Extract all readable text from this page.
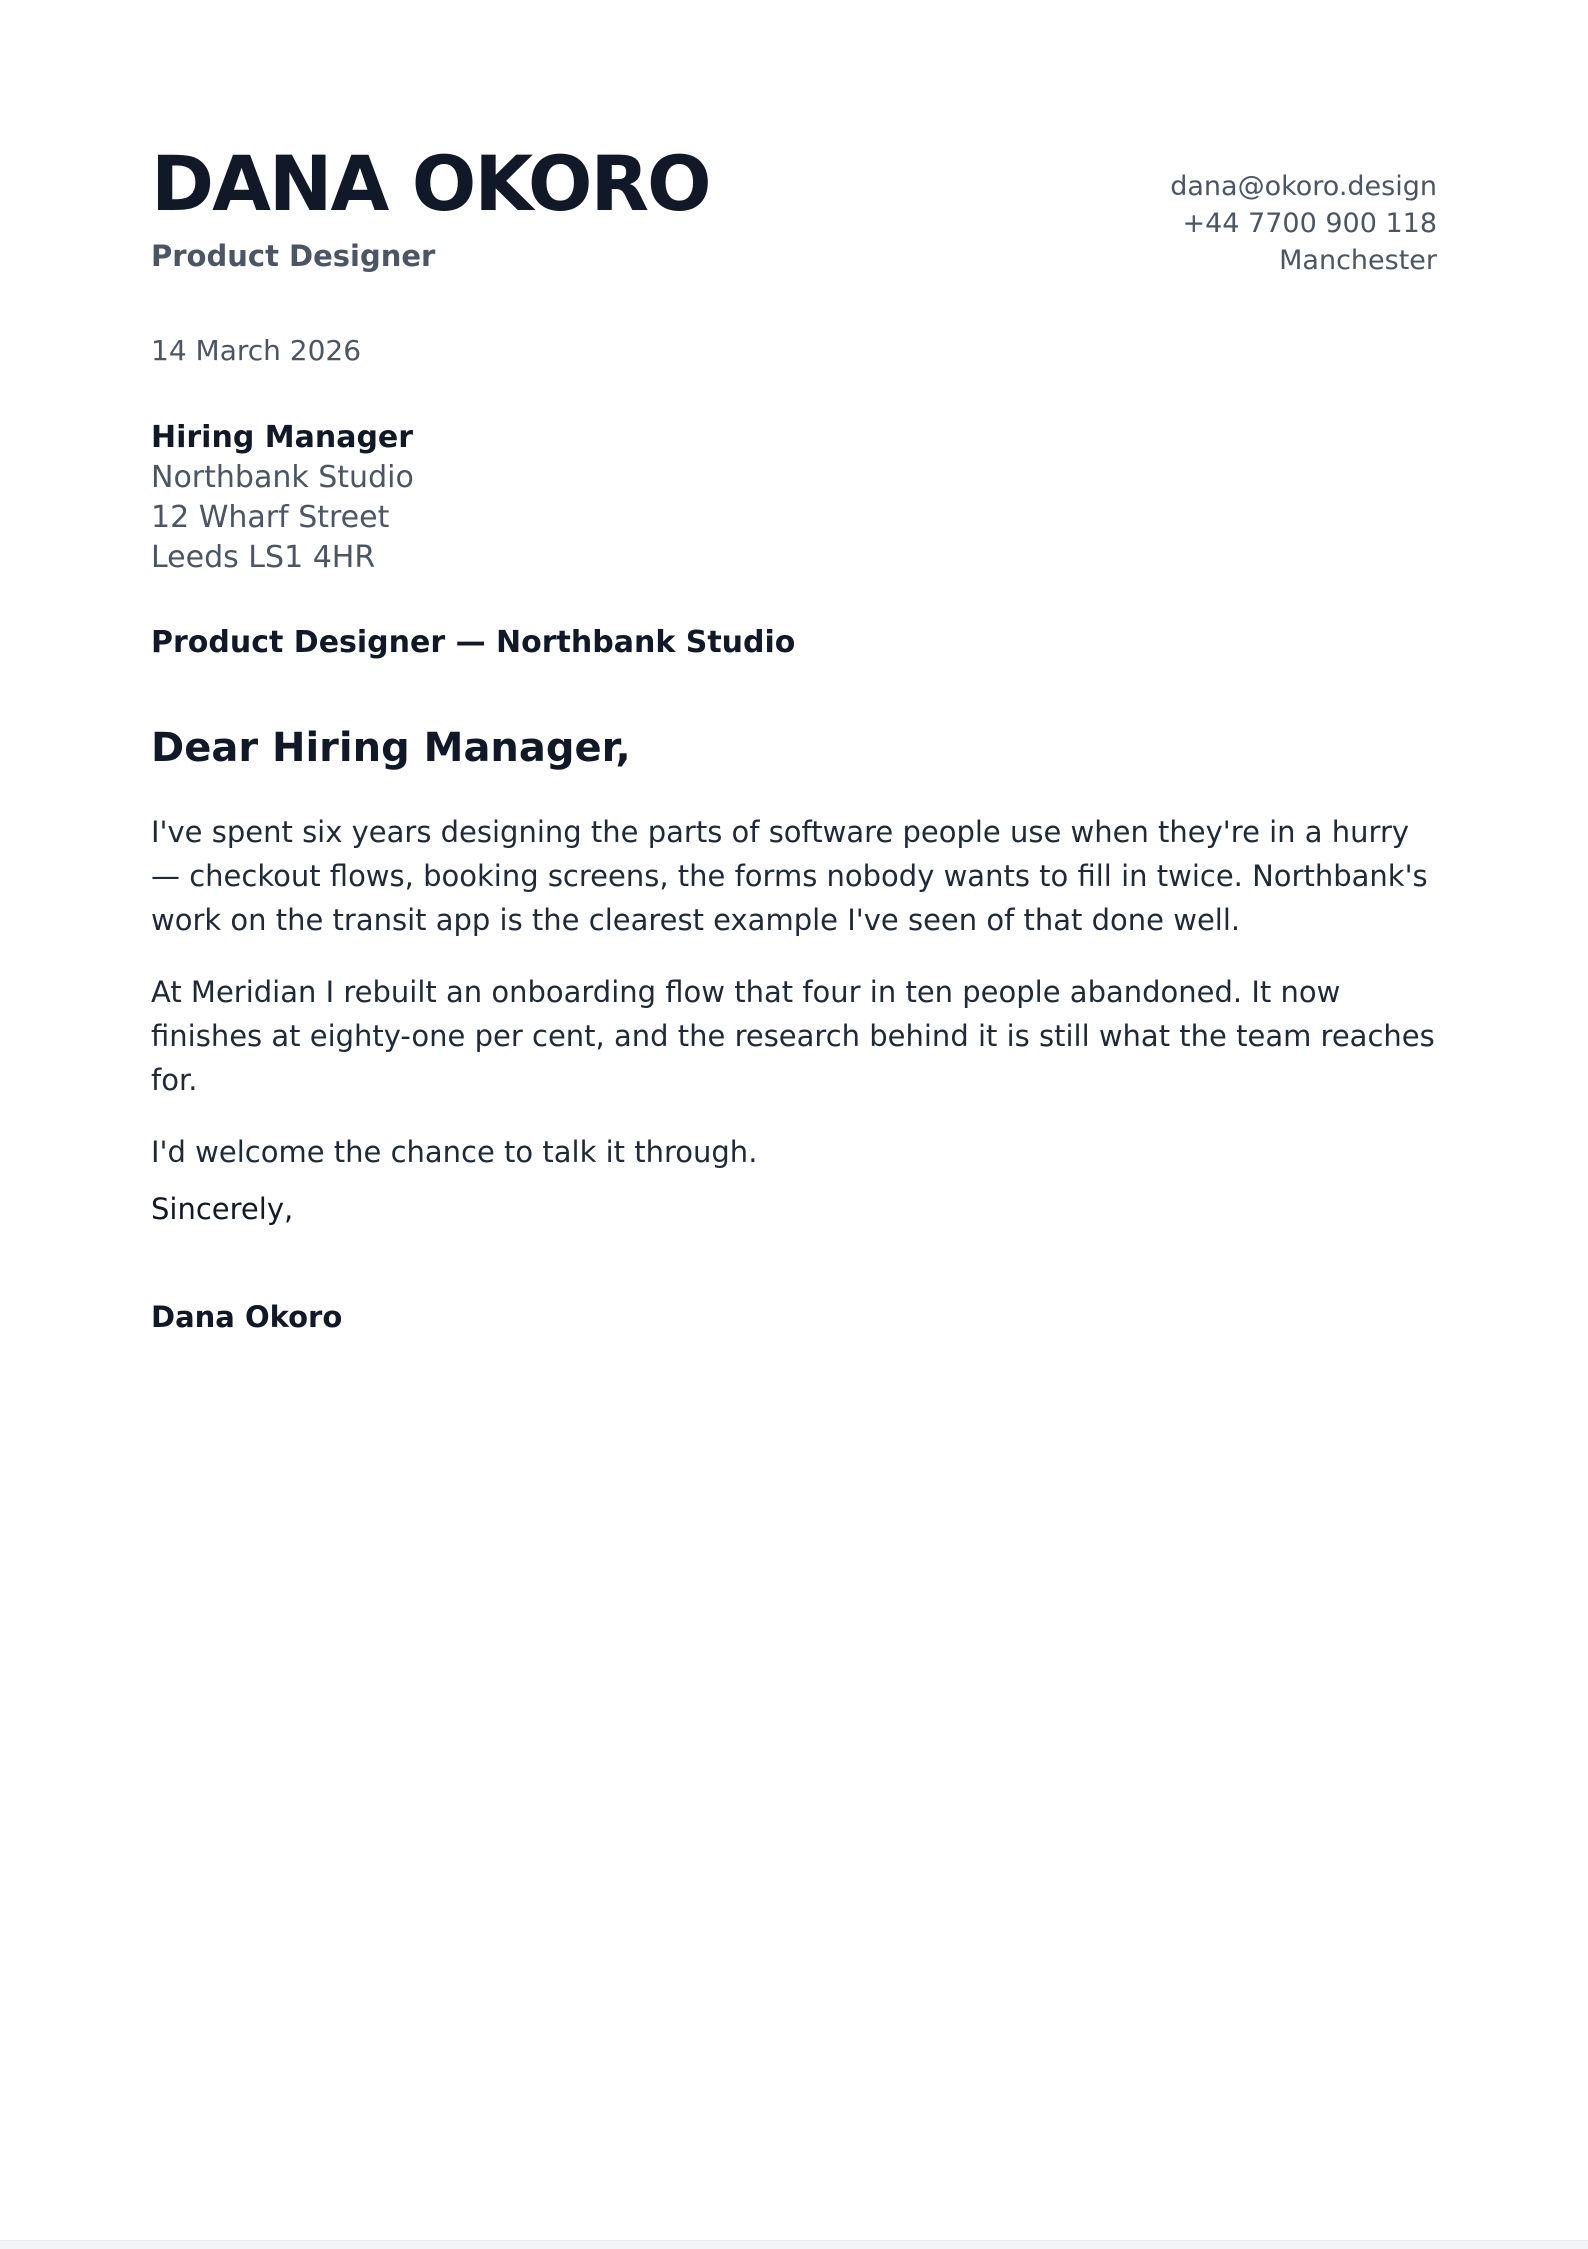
DANA OKORO
Product Designer
dana@okoro.design
+44 7700 900 118
Manchester
14 March 2026
Hiring Manager
Northbank Studio
12 Wharf Street
Leeds LS1 4HR
Product Designer — Northbank Studio
Dear Hiring Manager,

I've spent six years designing the parts of software people use when they're in a hurry — checkout flows, booking screens, the forms nobody wants to fill in twice. Northbank's work on the transit app is the clearest example I've seen of that done well.

At Meridian I rebuilt an onboarding flow that four in ten people abandoned. It now finishes at eighty-one per cent, and the research behind it is still what the team reaches for.

I'd welcome the chance to talk it through.

Sincerely,
Dana Okoro
